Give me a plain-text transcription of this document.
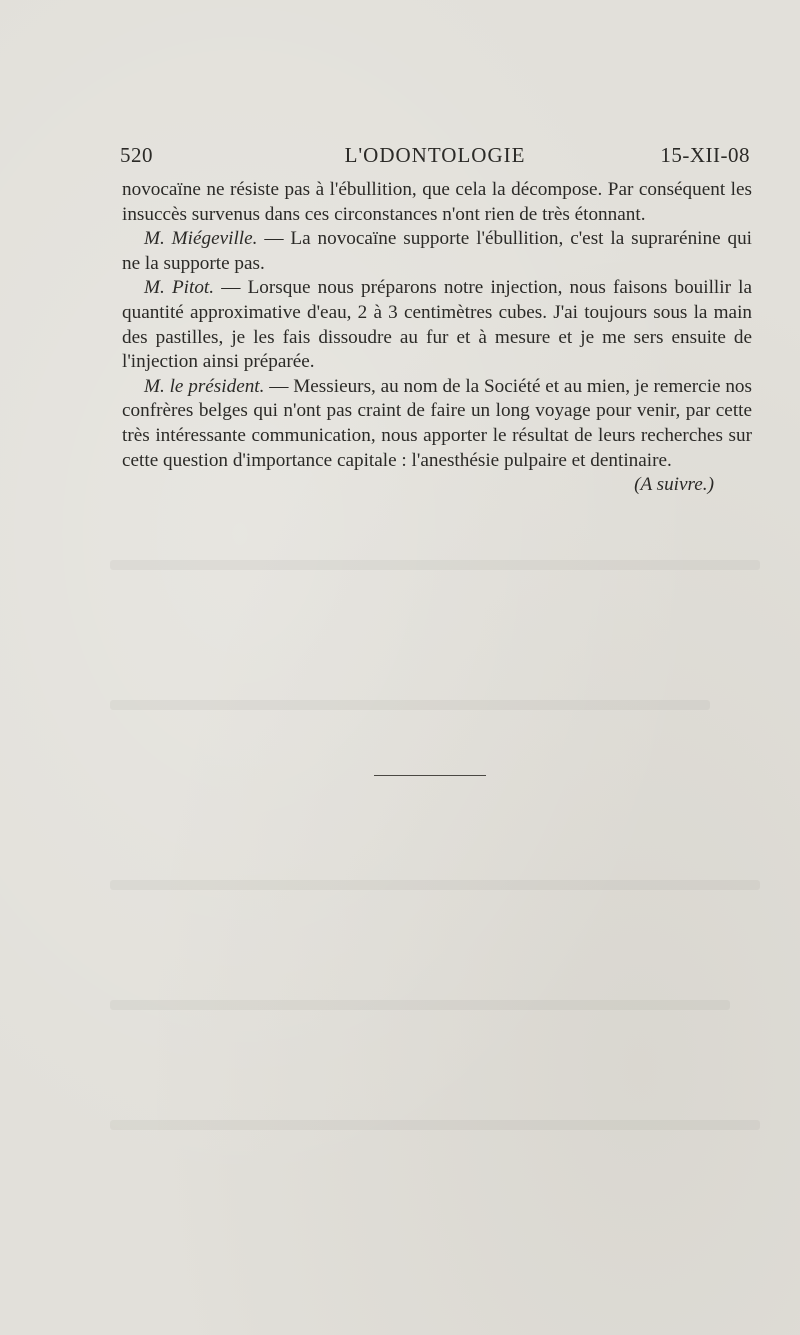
520	L'ODONTOLOGIE	15-XII-08

novocaïne ne résiste pas à l'ébullition, que cela la décompose. Par conséquent les insuccès survenus dans ces circonstances n'ont rien de très étonnant.

M. Miégeville. — La novocaïne supporte l'ébullition, c'est la suprarénine qui ne la supporte pas.

M. Pitot. — Lorsque nous préparons notre injection, nous faisons bouillir la quantité approximative d'eau, 2 à 3 centimètres cubes. J'ai toujours sous la main des pastilles, je les fais dissoudre au fur et à mesure et je me sers ensuite de l'injection ainsi préparée.

M. le président. — Messieurs, au nom de la Société et au mien, je remercie nos confrères belges qui n'ont pas craint de faire un long voyage pour venir, par cette très intéressante communication, nous apporter le résultat de leurs recherches sur cette question d'importance capitale : l'anesthésie pulpaire et dentinaire.

(A suivre.)
